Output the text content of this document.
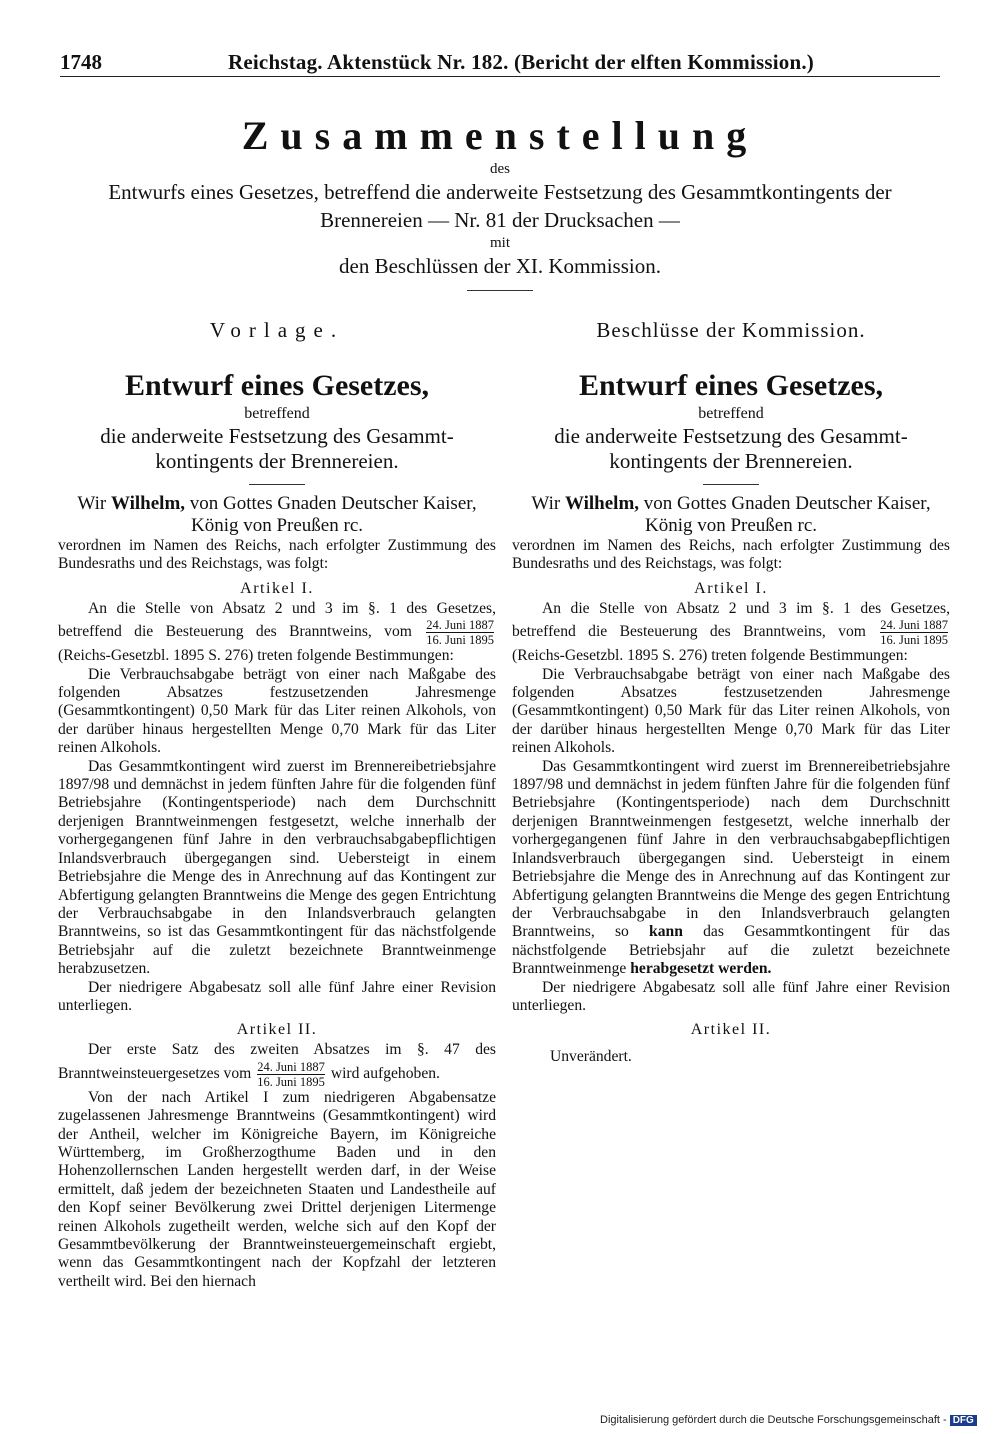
1748	Reichstag. Aktenstück Nr. 182. (Bericht der elften Kommission.)
Zusammenstellung
des
Entwurfs eines Gesetzes, betreffend die anderweite Festsetzung des Gesammtkontingents der
Brennereien — Nr. 81 der Drucksachen —
mit
den Beschlüssen der XI. Kommission.
Vorlage.
Entwurf eines Gesetzes,
betreffend
die anderweite Festsetzung des Gesammt-
kontingents der Brennereien.
Wir Wilhelm, von Gottes Gnaden Deutscher Kaiser,
König von Preußen rc.
verordnen im Namen des Reichs, nach erfolgter Zustimmung des Bundesraths und des Reichstags, was folgt:
Artikel I.

An die Stelle von Absatz 2 und 3 im §. 1 des Gesetzes, betreffend die Besteuerung des Branntweins, vom $\frac{\text{24. Juni 1887}}{\text{16. Juni 1895}}$
(Reichs-Gesetzbl. 1895 S. 276) treten folgende Bestimmungen:

Die Verbrauchsabgabe beträgt von einer nach Maßgabe des folgenden Absatzes festzusetzenden Jahresmenge (Gesammtkontingent) 0,50 Mark für das Liter reinen Alkohols, von der darüber hinaus hergestellten Menge 0,70 Mark für das Liter reinen Alkohols.

Das Gesammtkontingent wird zuerst im Brennereibetriebsjahre 1897/98 und demnächst in jedem fünften Jahre für die folgenden fünf Betriebsjahre (Kontingentsperiode) nach dem Durchschnitt derjenigen Branntweinmengen festgesetzt, welche innerhalb der vorhergegangenen fünf Jahre in den verbrauchsabgabepflichtigen Inlandsverbrauch übergegangen sind. Uebersteigt in einem Betriebsjahre die Menge des in Anrechnung auf das Kontingent zur Abfertigung gelangten Branntweins die Menge des gegen Entrichtung der Verbrauchsabgabe in den Inlandsverbrauch gelangten Branntweins, so ist das Gesammtkontingent für das nächstfolgende Betriebsjahr auf die zuletzt bezeichnete Branntweinmenge herabzusetzen.

Der niedrigere Abgabesatz soll alle fünf Jahre einer Revision unterliegen.

Artikel II.

Der erste Satz des zweiten Absatzes im §. 47 des Branntweinsteuergesetzes vom $\frac{\text{24. Juni 1887}}{\text{16. Juni 1895}}$ wird aufgehoben.

Von der nach Artikel I zum niedrigeren Abgabensatze zugelassenen Jahresmenge Branntweins (Gesammtkontingent) wird der Antheil, welcher im Königreiche Bayern, im Königreiche Württemberg, im Großherzogthume Baden und in den Hohenzollernschen Landen hergestellt werden darf, in der Weise ermittelt, daß jedem der bezeichneten Staaten und Landestheile auf den Kopf seiner Bevölkerung zwei Drittel derjenigen Litermenge reinen Alkohols zugetheilt werden, welche sich auf den Kopf der Gesammtbevölkerung der Branntweinsteuergemeinschaft ergiebt, wenn das Gesammtkontingent nach der Kopfzahl der letzteren vertheilt wird. Bei den hiernach

Beschlüsse der Kommission.
Entwurf eines Gesetzes,
betreffend
die anderweite Festsetzung des Gesammt-
kontingents der Brennereien.
Wir Wilhelm, von Gottes Gnaden Deutscher Kaiser,
König von Preußen rc.
verordnen im Namen des Reichs, nach erfolgter Zustimmung des Bundesraths und des Reichstags, was folgt:
Artikel I.

An die Stelle von Absatz 2 und 3 im §. 1 des Gesetzes, betreffend die Besteuerung des Branntweins, vom $\frac{\text{24. Juni 1887}}{\text{16. Juni 1895}}$
(Reichs-Gesetzbl. 1895 S. 276) treten folgende Bestimmungen:

Die Verbrauchsabgabe beträgt von einer nach Maßgabe des folgenden Absatzes festzusetzenden Jahresmenge (Gesammtkontingent) 0,50 Mark für das Liter reinen Alkohols, von der darüber hinaus hergestellten Menge 0,70 Mark für das Liter reinen Alkohols.

Das Gesammtkontingent wird zuerst im Brennereibetriebsjahre 1897/98 und demnächst in jedem fünften Jahre für die folgenden fünf Betriebsjahre (Kontingentsperiode) nach dem Durchschnitt derjenigen Branntweinmengen festgesetzt, welche innerhalb der vorhergegangenen fünf Jahre in den verbrauchsabgabepflichtigen Inlandsverbrauch übergegangen sind. Uebersteigt in einem Betriebsjahre die Menge des in Anrechnung auf das Kontingent zur Abfertigung gelangten Branntweins die Menge des gegen Entrichtung der Verbrauchsabgabe in den Inlandsverbrauch gelangten Branntweins, so kann das Gesammtkontingent für das nächstfolgende Betriebsjahr auf die zuletzt bezeichnete Branntweinmenge herabgesetzt werden.

Der niedrigere Abgabesatz soll alle fünf Jahre einer Revision unterliegen.

Artikel II.
Unverändert.
Digitalisierung gefördert durch die Deutsche Forschungsgemeinschaft - DFG
